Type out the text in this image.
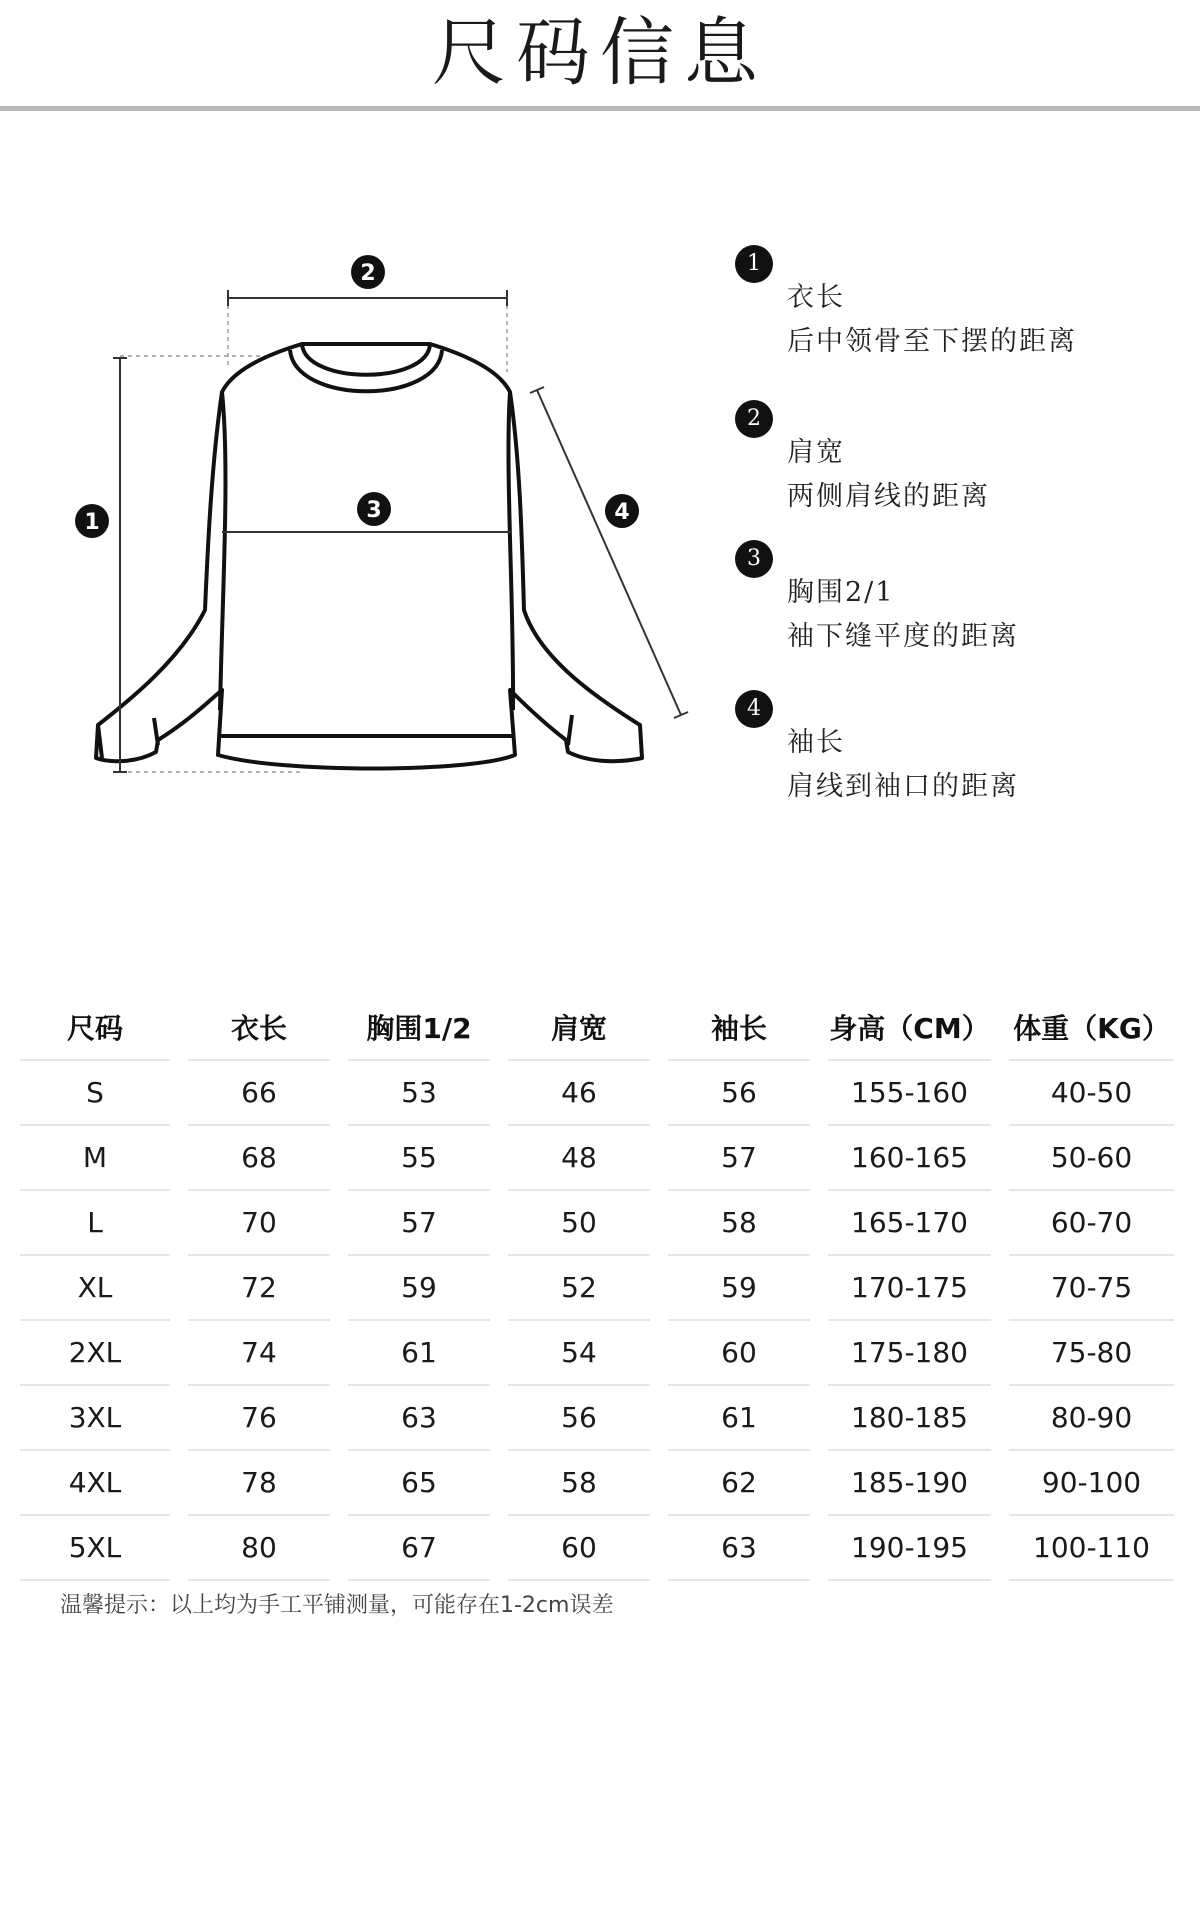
尺码信息
1
2
3	4
1
衣长
后中领骨至下摆的距离
2
肩宽
两侧肩线的距离
3
胸围2/1
袖下缝平度的距离
4
袖长
肩线到袖口的距离
尺码	衣长	胸围1/2	肩宽	袖长	身高（CM）	体重（KG）
S	66	53	46	56	155-160	40-50
M	68	55	48	57	160-165	50-60
L	70	57	50	58	165-170	60-70
XL	72	59	52	59	170-175	70-75
2XL	74	61	54	60	175-180	75-80
3XL	76	63	56	61	180-185	80-90
4XL	78	65	58	62	185-190	90-100
5XL	80	67	60	63	190-195	100-110
温馨提示：以上均为手工平铺测量，可能存在1-2cm误差
